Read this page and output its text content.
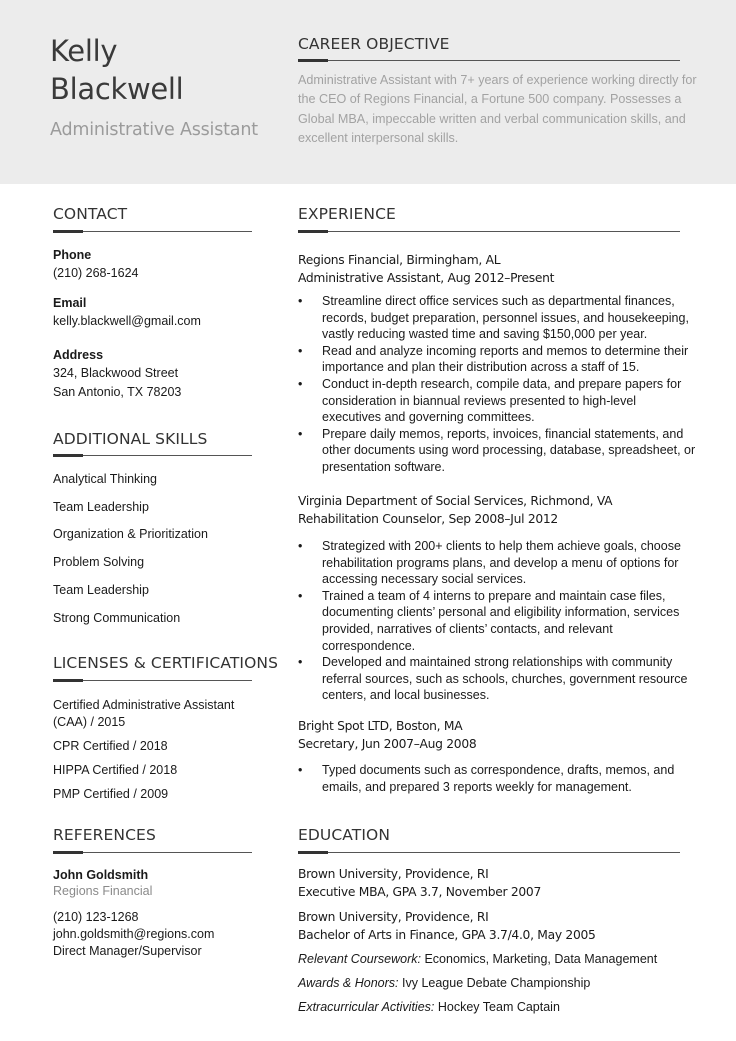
Kelly
Blackwell
Administrative Assistant
CAREER OBJECTIVE
Administrative Assistant with 7+ years of experience working directly for the CEO of Regions Financial, a Fortune 500 company. Possesses a Global MBA, impeccable written and verbal communication skills, and excellent interpersonal skills.
CONTACT
Phone
(210) 268-1624
Email
kelly.blackwell@gmail.com
Address
324, Blackwood Street
San Antonio, TX 78203
ADDITIONAL SKILLS
Analytical Thinking
Team Leadership
Organization & Prioritization
Problem Solving
Team Leadership
Strong Communication
LICENSES & CERTIFICATIONS
Certified Administrative Assistant (CAA) / 2015
CPR Certified / 2018
HIPPA Certified / 2018
PMP Certified / 2009
REFERENCES
John Goldsmith
Regions Financial
(210) 123-1268
john.goldsmith@regions.com
Direct Manager/Supervisor
EXPERIENCE
Regions Financial, Birmingham, AL
Administrative Assistant, Aug 2012–Present
• Streamline direct office services such as departmental finances, records, budget preparation, personnel issues, and housekeeping, vastly reducing wasted time and saving $150,000 per year.
• Read and analyze incoming reports and memos to determine their importance and plan their distribution across a staff of 15.
• Conduct in-depth research, compile data, and prepare papers for consideration in biannual reviews presented to high-level executives and governing committees.
• Prepare daily memos, reports, invoices, financial statements, and other documents using word processing, database, spreadsheet, or presentation software.
Virginia Department of Social Services, Richmond, VA
Rehabilitation Counselor, Sep 2008–Jul 2012
• Strategized with 200+ clients to help them achieve goals, choose rehabilitation programs plans, and develop a menu of options for accessing necessary social services.
• Trained a team of 4 interns to prepare and maintain case files, documenting clients’ personal and eligibility information, services provided, narratives of clients’ contacts, and relevant correspondence.
• Developed and maintained strong relationships with community referral sources, such as schools, churches, government resource centers, and local businesses.
Bright Spot LTD, Boston, MA
Secretary, Jun 2007–Aug 2008
• Typed documents such as correspondence, drafts, memos, and emails, and prepared 3 reports weekly for management.
EDUCATION
Brown University, Providence, RI
Executive MBA, GPA 3.7, November 2007
Brown University, Providence, RI
Bachelor of Arts in Finance, GPA 3.7/4.0, May 2005
Relevant Coursework: Economics, Marketing, Data Management
Awards & Honors: Ivy League Debate Championship
Extracurricular Activities: Hockey Team Captain
